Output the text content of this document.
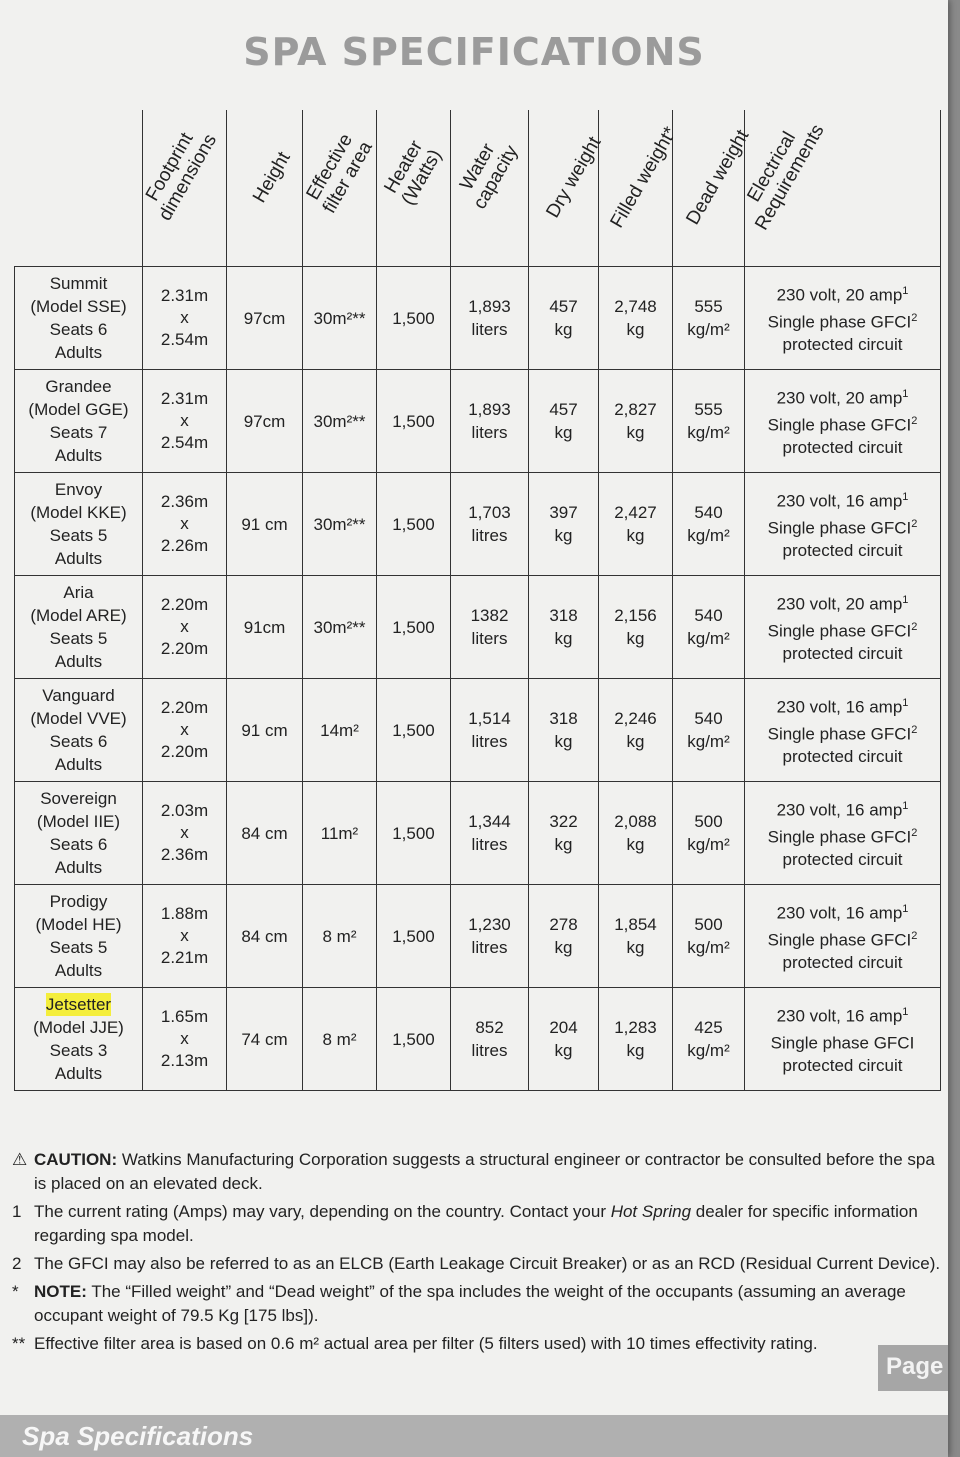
SPA SPECIFICATIONS

	Footprint
dimensions	Height	Effective
filter area	Heater
(Watts)	Water
capacity	Dry weight	Filled weight*	Dead weight	Electrical
Requirements

Summit
(Model SSE)
Seats 6
Adults	2.31m
x
2.54m	97cm	30m²**	1,500	1,893
liters	457
kg	2,748
kg	555
kg/m²	230 volt, 20 amp$^1$
Single phase GFCI$^2$
protected circuit

Grandee
(Model GGE)
Seats 7
Adults	2.31m
x
2.54m	97cm	30m²**	1,500	1,893
liters	457
kg	2,827
kg	555
kg/m²	230 volt, 20 amp$^1$
Single phase GFCI$^2$
protected circuit

Envoy
(Model KKE)
Seats 5
Adults	2.36m
x
2.26m	91 cm	30m²**	1,500	1,703
litres	397
kg	2,427
kg	540
kg/m²	230 volt, 16 amp$^1$
Single phase GFCI$^2$
protected circuit

Aria
(Model ARE)
Seats 5
Adults	2.20m
x
2.20m	91cm	30m²**	1,500	1382
liters	318
kg	2,156
kg	540
kg/m²	230 volt, 20 amp$^1$
Single phase GFCI$^2$
protected circuit

Vanguard
(Model VVE)
Seats 6
Adults	2.20m
x
2.20m	91 cm	14m²	1,500	1,514
litres	318
kg	2,246
kg	540
kg/m²	230 volt, 16 amp$^1$
Single phase GFCI$^2$
protected circuit

Sovereign
(Model IIE)
Seats 6
Adults	2.03m
x
2.36m	84 cm	11m²	1,500	1,344
litres	322
kg	2,088
kg	500
kg/m²	230 volt, 16 amp$^1$
Single phase GFCI$^2$
protected circuit

Prodigy
(Model HE)
Seats 5
Adults	1.88m
x
2.21m	84 cm	8 m²	1,500	1,230
litres	278
kg	1,854
kg	500
kg/m²	230 volt, 16 amp$^1$
Single phase GFCI$^2$
protected circuit

Jetsetter
(Model JJE)
Seats 3
Adults	1.65m
x
2.13m	74 cm	8 m²	1,500	852
litres	204
kg	1,283
kg	425
kg/m²	230 volt, 16 amp$^1$
Single phase GFCI
protected circuit
⚠ CAUTION: Watkins Manufacturing Corporation suggests a structural engineer or contractor be consulted before the spa is placed on an elevated deck.
1 The current rating (Amps) may vary, depending on the country. Contact your Hot Spring dealer for specific information regarding spa model.
2 The GFCI may also be referred to as an ELCB (Earth Leakage Circuit Breaker) or as an RCD (Residual Current Device).
* NOTE: The “Filled weight” and “Dead weight” of the spa includes the weight of the occupants (assuming an average occupant weight of 79.5 Kg [175 lbs]).
** Effective filter area is based on 0.6 m² actual area per filter (5 filters used) with 10 times effectivity rating.
Page
Spa Specifications
